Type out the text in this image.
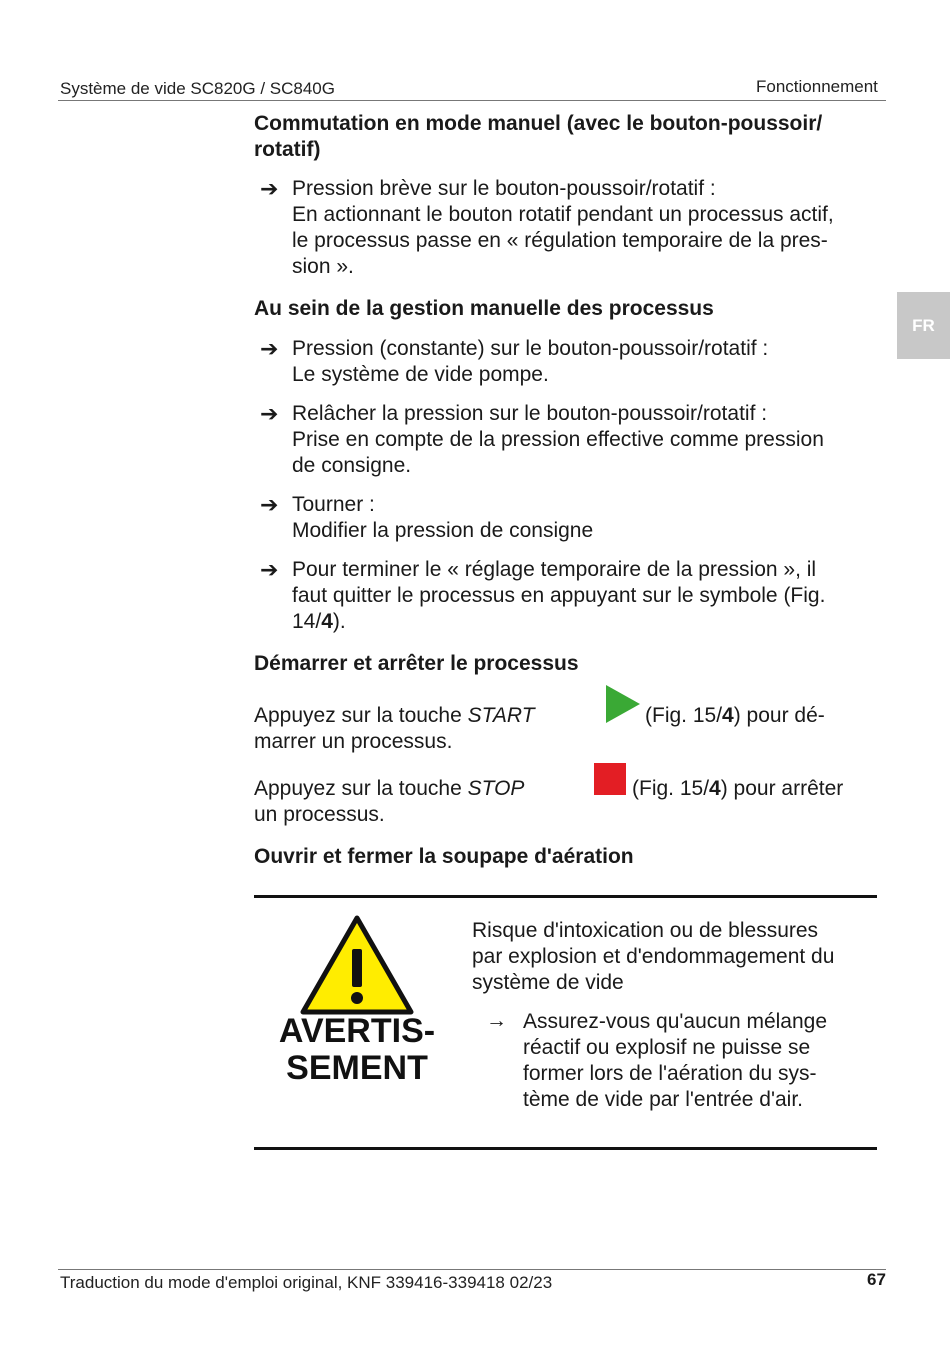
Système de vide SC820G / SC840G	Fonctionnement
FR
Commutation en mode manuel (avec le bouton-poussoir/
rotatif)
➔ Pression brève sur le bouton-poussoir/rotatif :
En actionnant le bouton rotatif pendant un processus actif,
le processus passe en « régulation temporaire de la pres-
sion ».
Au sein de la gestion manuelle des processus
➔ Pression (constante) sur le bouton-poussoir/rotatif :
Le système de vide pompe.
➔ Relâcher la pression sur le bouton-poussoir/rotatif :
Prise en compte de la pression effective comme pression
de consigne.
➔ Tourner :
Modifier la pression de consigne
➔ Pour terminer le « réglage temporaire de la pression », il
faut quitter le processus en appuyant sur le symbole (Fig.
14/4).
Démarrer et arrêter le processus
Appuyez sur la touche START	(Fig. 15/4) pour dé-
marrer un processus.
Appuyez sur la touche STOP	(Fig. 15/4) pour arrêter
un processus.
Ouvrir et fermer la soupape d'aération
AVERTIS-
SEMENT
Risque d'intoxication ou de blessures
par explosion et d'endommagement du
système de vide
→ Assurez-vous qu'aucun mélange
réactif ou explosif ne puisse se
former lors de l'aération du sys-
tème de vide par l'entrée d'air.
Traduction du mode d'emploi original, KNF 339416-339418 02/23	67
